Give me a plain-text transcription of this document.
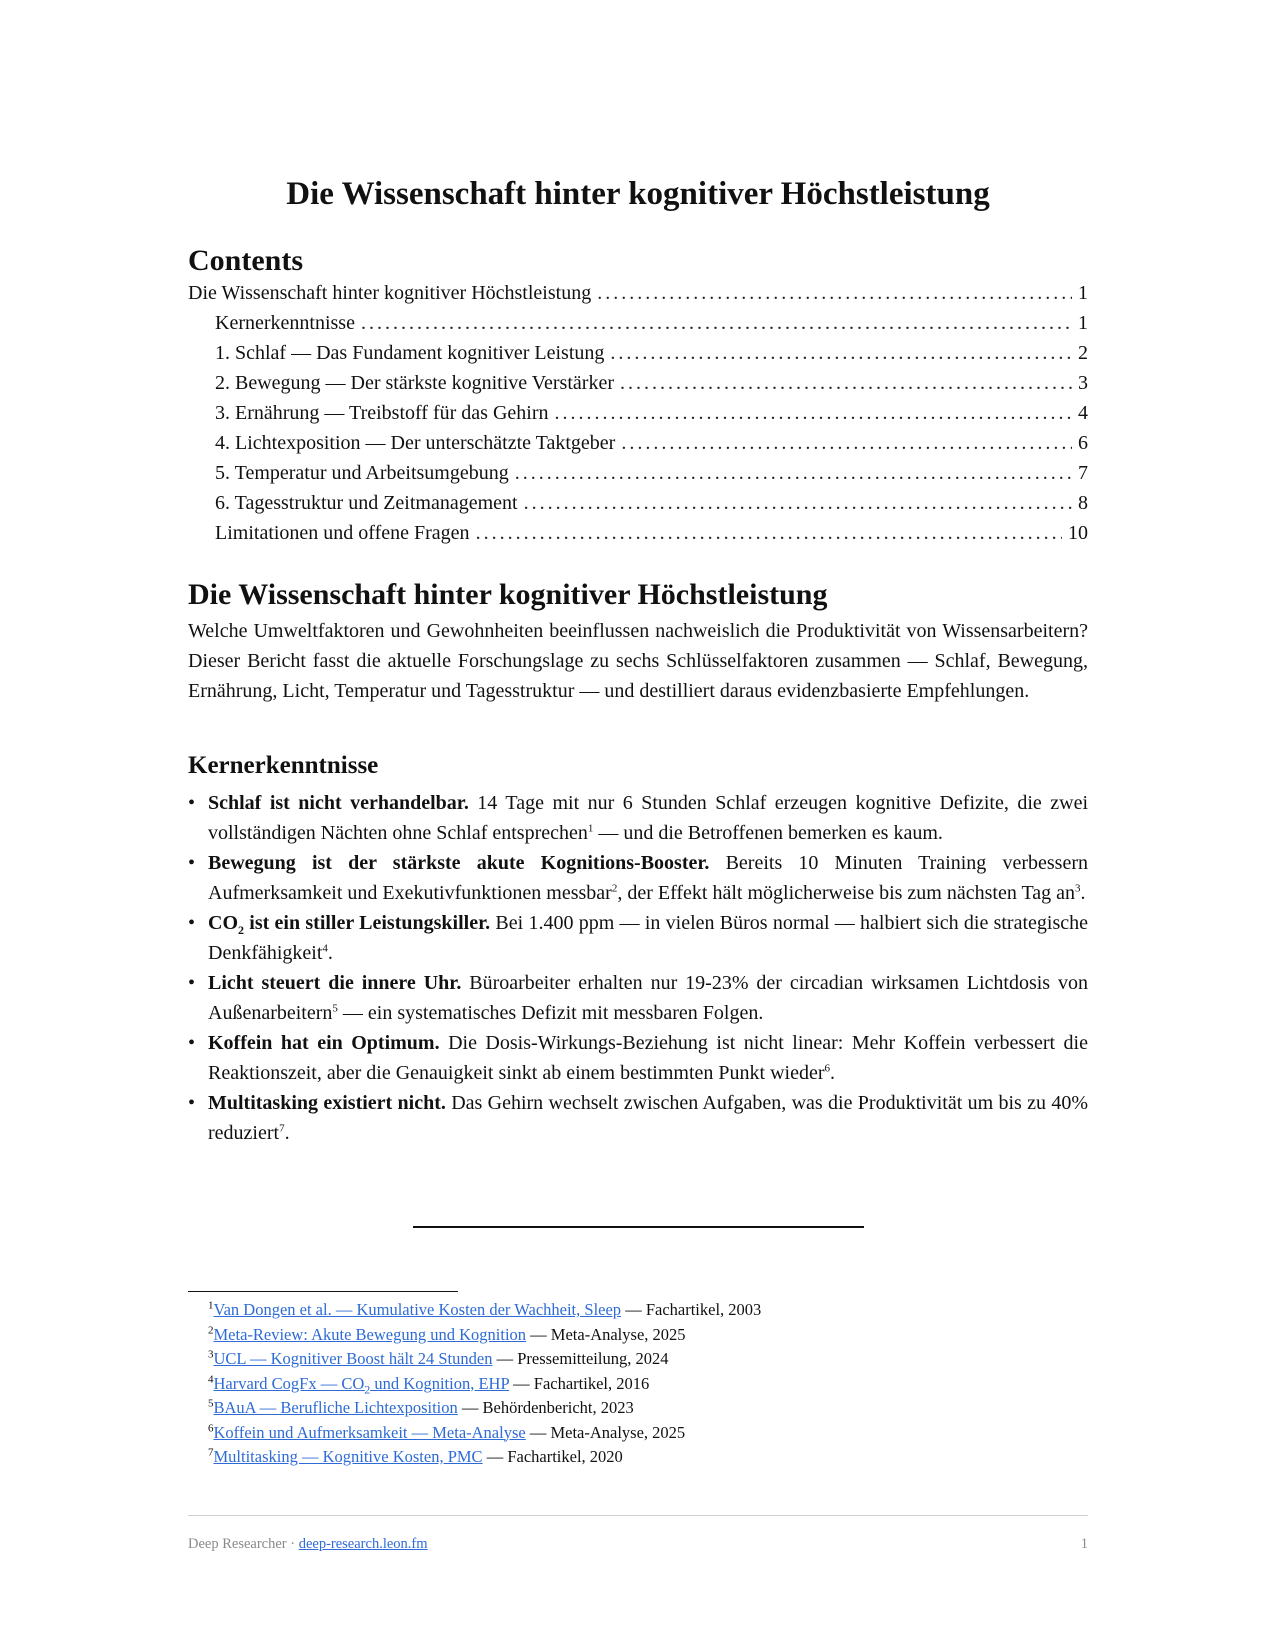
Die Wissenschaft hinter kognitiver Höchstleistung
Contents
Die Wissenschaft hinter kognitiver Höchstleistung .....	1
Kernerkenntnisse .....	1
1. Schlaf — Das Fundament kognitiver Leistung .....	2
2. Bewegung — Der stärkste kognitive Verstärker .....	3
3. Ernährung — Treibstoff für das Gehirn .....	4
4. Lichtexposition — Der unterschätzte Taktgeber .....	6
5. Temperatur und Arbeitsumgebung .....	7
6. Tagesstruktur und Zeitmanagement .....	8
Limitationen und offene Fragen .....	10
Die Wissenschaft hinter kognitiver Höchstleistung

Welche Umweltfaktoren und Gewohnheiten beeinflussen nachweislich die Produktivität von Wissensarbeitern? Dieser Bericht fasst die aktuelle Forschungslage zu sechs Schlüsselfaktoren zusammen — Schlaf, Bewegung, Ernährung, Licht, Temperatur und Tagesstruktur — und destilliert daraus evidenzbasierte Empfehlungen.

Kernerkenntnisse
• Schlaf ist nicht verhandelbar. 14 Tage mit nur 6 Stunden Schlaf erzeugen kognitive Defizite, die zwei vollständigen Nächten ohne Schlaf entsprechen$^1$ — und die Betroffenen bemerken es kaum.
• Bewegung ist der stärkste akute Kognitions-Booster. Bereits 10 Minuten Training verbessern Aufmerksamkeit und Exekutivfunktionen messbar$^2$, der Effekt hält möglicherweise bis zum nächsten Tag $an^3$.
• $CO_2$ ist ein stiller Leistungskiller. Bei 1.400 ppm — in vielen Büros normal — halbiert sich die strategische Denkfähigkeit$^4$.
• Licht steuert die innere Uhr. Büroarbeiter erhalten nur 19-23% der circadian wirksamen Lichtdosis von Außenarbeitern$^5$ — ein systematisches Defizit mit messbaren Folgen.
• Koffein hat ein Optimum. Die Dosis-Wirkungs-Beziehung ist nicht linear: Mehr Koffein verbessert die Reaktionszeit, aber die Genauigkeit sinkt ab einem bestimmten Punkt wieder$^6$.
• Multitasking existiert nicht. Das Gehirn wechselt zwischen Aufgaben, was die Produktivität um bis zu 40% reduziert$^7$.
$^1$Van Dongen et al. — Kumulative Kosten der Wachheit, Sleep — Fachartikel, 2003
$^2$Meta-Review: Akute Bewegung und Kognition — Meta-Analyse, 2025
$^3$UCL — Kognitiver Boost hält 24 Stunden — Pressemitteilung, 2024
$^4$Harvard CogFx — $CO_2$ und Kognition, EHP — Fachartikel, 2016
$^5$BAuA — Berufliche Lichtexposition — Behördenbericht, 2023
$^6$Koffein und Aufmerksamkeit — Meta-Analyse — Meta-Analyse, 2025
$^7$Multitasking — Kognitive Kosten, PMC — Fachartikel, 2020
Deep Researcher · deep-research.leon.fm	1
